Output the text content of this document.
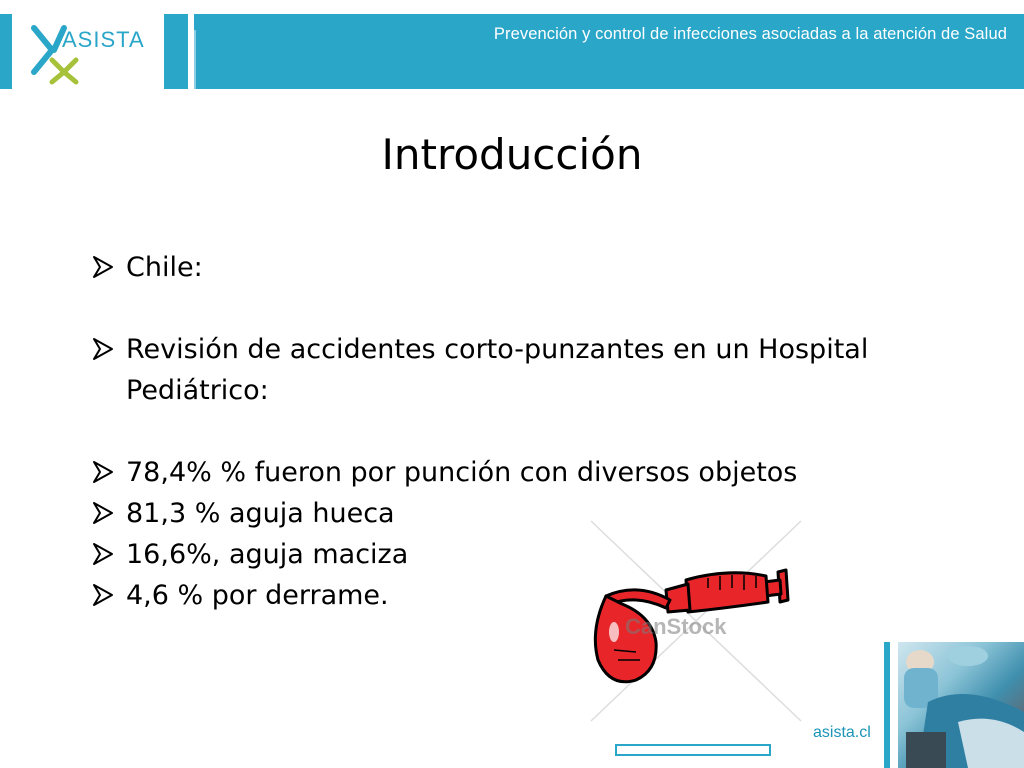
ASISTA	Prevención y control de infecciones asociadas a la atención de Salud
Introducción
Chile:
Revisión de accidentes corto-punzantes en un Hospital Pediátrico:
78,4% % fueron por punción con diversos objetos
81,3 % aguja hueca
16,6%, aguja maciza
4,6 % por derrame.
CanStock
asista.cl
